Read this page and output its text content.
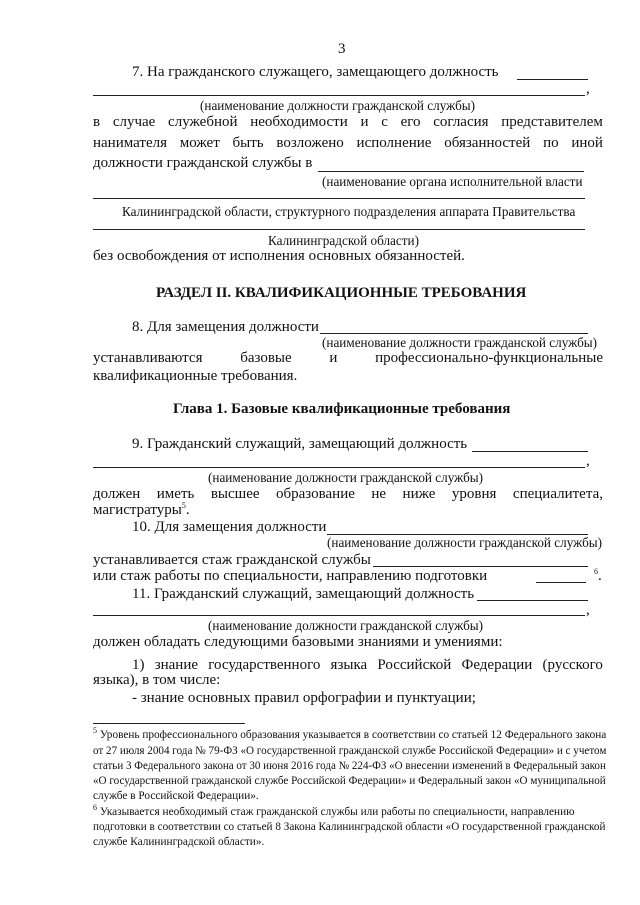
3
7. На гражданского служащего, замещающего должность
,
(наименование должности гражданской службы)
в случае служебной необходимости и с его согласия представителем
нанимателя может быть возложено исполнение обязанностей по иной
должности гражданской службы в
(наименование органа исполнительной власти
Калининградской области, структурного подразделения аппарата Правительства
Калининградской области)
без освобождения от исполнения основных обязанностей.
РАЗДЕЛ II. КВАЛИФИКАЦИОННЫЕ ТРЕБОВАНИЯ
8. Для замещения должности
(наименование должности гражданской службы)
устанавливаются	базовые	и	профессионально-функциональные
квалификационные требования.
Глава 1. Базовые квалификационные требования
9. Гражданский служащий, замещающий должность
,
(наименование должности гражданской службы)
должен иметь высшее образование не ниже уровня специалитета,
магистратуры$^5$.
10. Для замещения должности
(наименование должности гражданской службы)
устанавливается стаж гражданской службы
или стаж работы по специальности, направлению подготовки	$^6$.
11. Гражданский служащий, замещающий должность
,
(наименование должности гражданской службы)
должен обладать следующими базовыми знаниями и умениями:
1) знание государственного языка Российской Федерации (русского
языка), в том числе:
- знание основных правил орфографии и пунктуации;
$^5$ Уровень профессионального образования указывается в соответствии со статьей 12 Федерального закона
от 27 июля 2004 года № 79-ФЗ «О государственной гражданской службе Российской Федерации» и с учетом
статьи 3 Федерального закона от 30 июня 2016 года № 224-ФЗ «О внесении изменений в Федеральный закон
«О государственной гражданской службе Российской Федерации» и Федеральный закон «О муниципальной
службе в Российской Федерации».
$^6$ Указывается необходимый стаж гражданской службы или работы по специальности, направлению
подготовки в соответствии со статьей 8 Закона Калининградской области «О государственной гражданской
службе Калининградской области».
